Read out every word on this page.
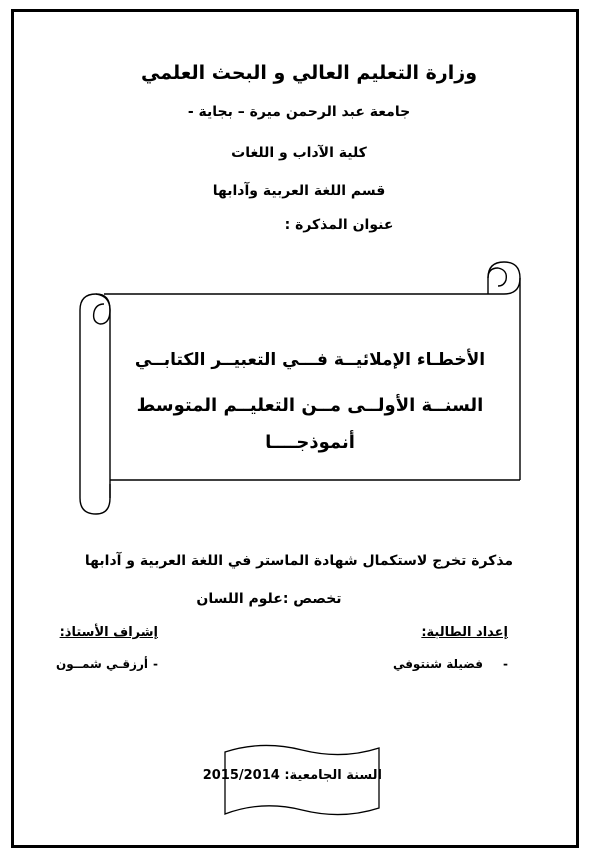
وزارة التعليم العالي و البحث العلمي
جامعة عبد الرحمن ميرة – بجاية -
كلية الآداب و اللغات
قسم اللغة العربية وآدابها
عنوان المذكرة :
الأخطـاء الإملائيــة فـــي التعبيــر الكتابــي
السنــة الأولــى مــن التعليــم المتوسط
أنموذجــــا
مذكرة تخرج لاستكمال شهادة الماستر في اللغة العربية و آدابها
تخصص :علوم اللسان
إعداد الطالبة:
إشراف الأستاذ:
فضيلة شنتوفي -
أرزقـي شمــون -
السنة الجامعية: 2015/2014
